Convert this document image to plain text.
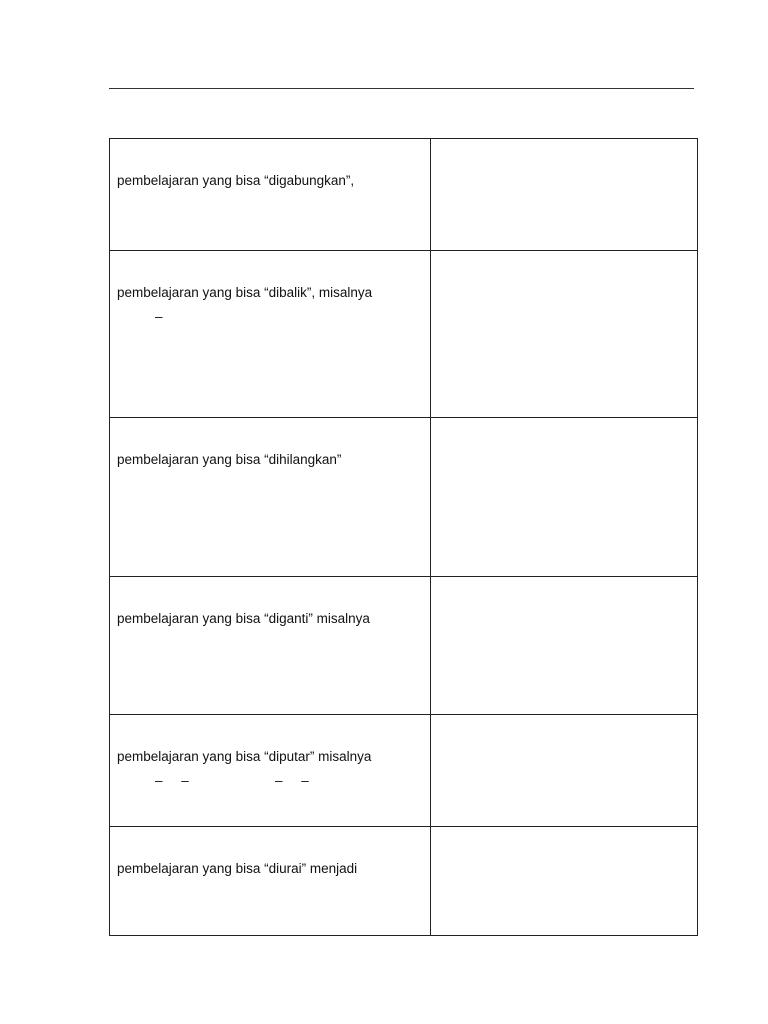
pembelajaran yang bisa “digabungkan”,	

pembelajaran yang bisa “dibalik”, misalnya
–	

pembelajaran yang bisa “dihilangkan”	

pembelajaran yang bisa “diganti” misalnya	

pembelajaran yang bisa “diputar” misalnya
–     –                       –     –	

pembelajaran yang bisa “diurai” menjadi	
